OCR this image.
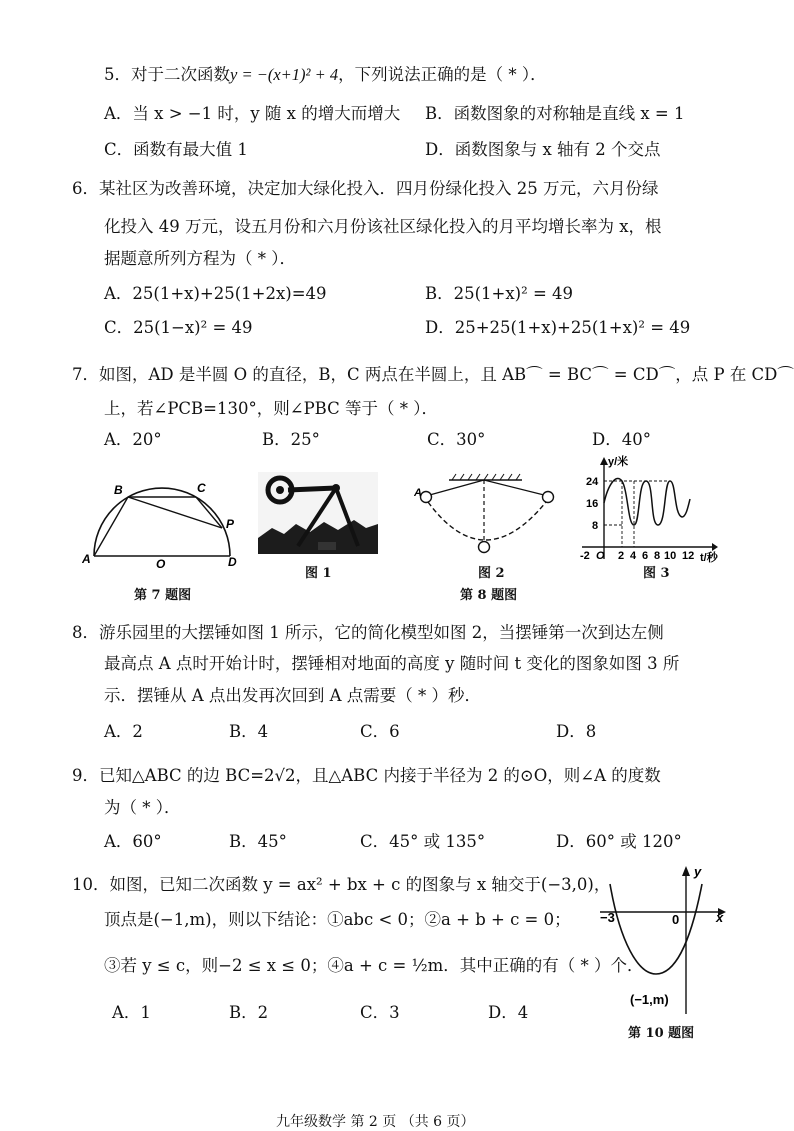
5．对于二次函数y = −(x+1)² + 4，下列说法正确的是（ * ）．
A．当 x > −1 时，y 随 x 的增大而增大 B．函数图象的对称轴是直线 x = 1
C．函数有最大值 1	D．函数图象与 x 轴有 2 个交点
6．某社区为改善环境，决定加大绿化投入．四月份绿化投入 25 万元，六月份绿
化投入 49 万元，设五月份和六月份该社区绿化投入的月平均增长率为 x，根
据题意所列方程为（ * ）．
A．25(1+x)+25(1+2x)=49	B．25(1+x)² = 49
C．25(1−x)² = 49	D．25+25(1+x)+25(1+x)² = 49
7．如图，AD 是半圆 O 的直径，B，C 两点在半圆上，且 AB⌒ = BC⌒ = CD⌒，点 P 在 CD⌒
上，若∠PCB=130°，则∠PBC 等于（ * ）．
A．20°	B．25°	C．30°	D．40°
B	C
P
A	O	D
第 7 题图
图 1
A
图 2
y/米
t/秒
24
16
8
-2 O 2 4 6 8 10 12
图 3
第 8 题图
8．游乐园里的大摆锤如图 1 所示，它的简化模型如图 2，当摆锤第一次到达左侧
最高点 A 点时开始计时，摆锤相对地面的高度 y 随时间 t 变化的图象如图 3 所
示．摆锤从 A 点出发再次回到 A 点需要（ * ）秒．
A．2	B．4	C．6	D．8
9．已知△ABC 的边 BC=2√2，且△ABC 内接于半径为 2 的⊙O，则∠A 的度数
为（ * ）．
A．60°	B．45°	C．45° 或 135°	D．60° 或 120°
10．如图，已知二次函数 y = ax² + bx + c 的图象与 x 轴交于(−3,0)，
顶点是(−1,m)，则以下结论：①abc < 0；②a + b + c = 0；
③若 y ≤ c，则−2 ≤ x ≤ 0；④a + c = ½m．其中正确的有（ * ）个．
A．1	B．2	C．3	D．4
y
x
−3	0
(−1,m)
第 10 题图
九年级数学 第 2 页 （共 6 页）
